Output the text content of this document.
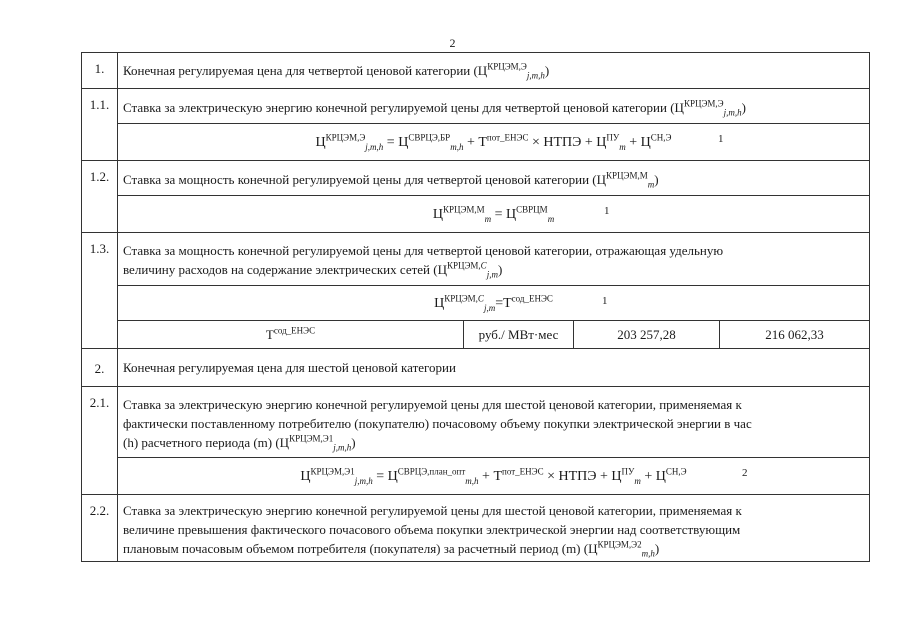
2
1.	Конечная регулируемая цена для четвертой ценовой категории $(Ц^{КРЦЭМ,Э}_{j,m,h})$			
1.1.	Ставка за электрическую энергию конечной регулируемой цены для четвертой ценовой категории $(Ц^{КРЦЭМ,Э}_{j,m,h})$			
	$Ц^{КРЦЭМ,Э}_{j,m,h} = Ц^{СВРЦЭ,БР}_{m,h} + Т^{пот\_ЕНЭС}$ × НТПЭ + $Ц^{ПУ}_m + Ц^{СН,Э}$ 1			

1.2.	Ставка за мощность конечной регулируемой цены для четвертой ценовой категории $(Ц^{КРЦЭМ,М}_m)$			
	$Ц^{КРЦЭМ,М}_m = Ц^{СВРЦМ}_m$
1			

1.3.	Ставка за мощность конечной регулируемой цены для четвертой ценовой категории, отражающая удельную
величину расходов на содержание электрических сетей $(Ц^{КРЦЭМ,С}_{j,m})$			
	$Ц^{КРЦЭМ,С}_{j,m}=Т^{сод\_ЕНЭС}$ 1			

	$Т^{сод\_ЕНЭС}$	руб./ МВт·мес	203 257,28	216 062,33
2.	Конечная регулируемая цена для шестой ценовой категории			
2.1.	Ставка за электрическую энергию конечной регулируемой цены для шестой ценовой категории, применяемая к
фактически поставленному потребителю (покупателю) почасовому объему покупки электрической энергии в час
(h) расчетного периода (m) $(Ц^{КРЦЭМ,Э1}_{j,m,h})$			
	$Ц^{КРЦЭМ,Э1}_{j,m,h} = Ц^{СВРЦЭ,план\_опт}_{m,h} + Т^{пот\_ЕНЭС}$ × НТПЭ + $Ц^{ПУ}_m + Ц^{СН,Э}$ 2			

2.2.	Ставка за электрическую энергию конечной регулируемой цены для шестой ценовой категории, применяемая к
величине превышения фактического почасового объема покупки электрической энергии над соответствующим
плановым почасовым объемом потребителя (покупателя) за расчетный период (m) $(Ц^{КРЦЭМ,Э2}_{m,h})$			
